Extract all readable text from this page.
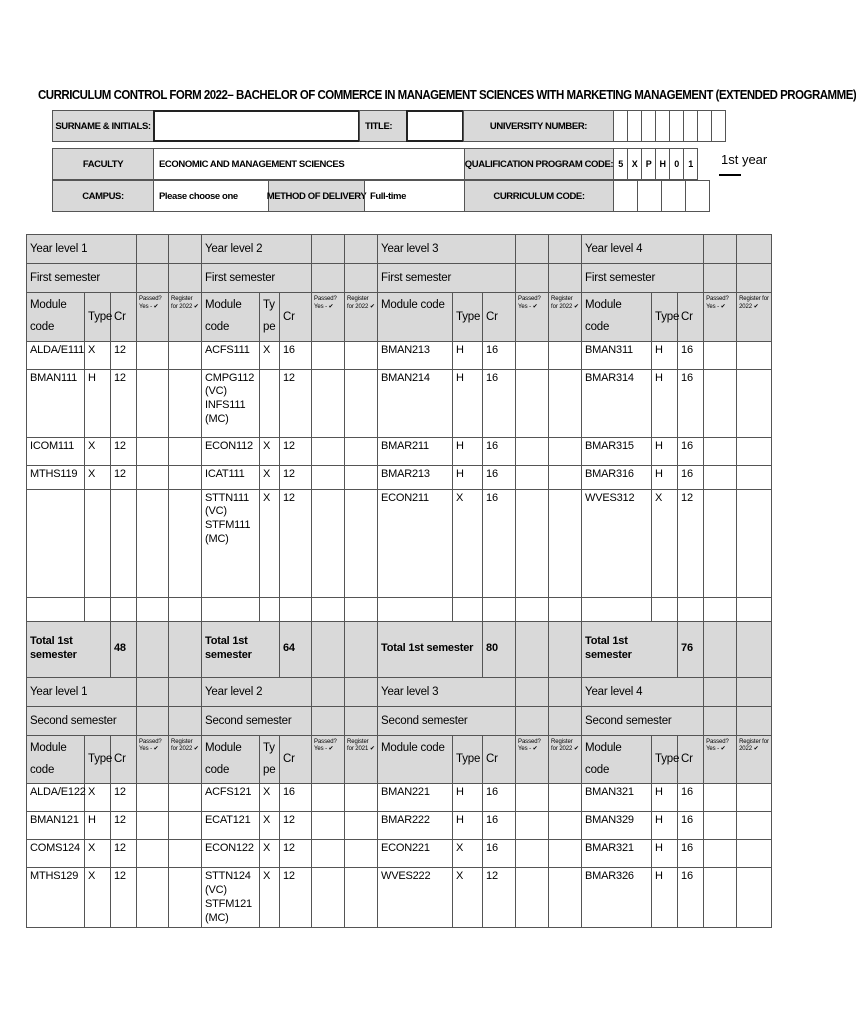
CURRICULUM CONTROL FORM 2022– BACHELOR OF COMMERCE IN MANAGEMENT SCIENCES WITH MARKETING MANAGEMENT (EXTENDED PROGRAMME)
SURNAME & INITIALS:	TITLE:	UNIVERSITY NUMBER:
FACULTY	ECONOMIC AND MANAGEMENT SCIENCES	QUALIFICATION PROGRAM CODE: 5 X P H 0	1	1st year
CAMPUS:	Please choose one	METHOD OF DELIVERY Full-time	CURRICULUM CODE:
Year level 1					Year level 2					Year level 3					Year level 4				
First semester					First semester					First semester					First semester				
Module code	Type	Cr	Passed? Yes - ✔	Register for 2022 ✔	Module code	Ty pe	Cr	Passed? Yes - ✔	Register for 2022 ✔	Module code	Type	Cr	Passed? Yes - ✔	Register for 2022 ✔	Module code	Type	Cr	Passed? Yes - ✔	Register for 2022 ✔
ALDA/E111	X	12			ACFS111	X	16			BMAN213	H	16			BMAN311	H	16		
BMAN111	H	12			CMPG112 (VC) INFS111 (MC)		12			BMAN214	H	16			BMAR314	H	16		
ICOM111	X	12			ECON112	X	12			BMAR211	H	16			BMAR315	H	16		
MTHS119	X	12			ICAT111	X	12			BMAR213	H	16			BMAR316	H	16		
					STTN111 (VC) STFM111 (MC)	X	12			ECON211	X	16			WVES312	X	12		

Total 1st semester		48			Total 1st semester		64			Total 1st semester		80			Total 1st semester		76		
Year level 1					Year level 2					Year level 3					Year level 4				
Second semester					Second semester					Second semester					Second semester				
Module code	Type	Cr	Passed? Yes - ✔	Register for 2022 ✔	Module code	Ty pe	Cr	Passed? Yes - ✔	Register for 2021 ✔	Module code	Type	Cr	Passed? Yes - ✔	Register for 2022 ✔	Module code	Type	Cr	Passed? Yes - ✔	Register for 2022 ✔
ALDA/E122	X	12			ACFS121	X	16			BMAN221	H	16			BMAN321	H	16		
BMAN121	H	12			ECAT121	X	12			BMAR222	H	16			BMAN329	H	16		
COMS124	X	12			ECON122	X	12			ECON221	X	16			BMAR321	H	16		
MTHS129	X	12			STTN124 (VC) STFM121 (MC)	X	12			WVES222	X	12			BMAR326	H	16		
